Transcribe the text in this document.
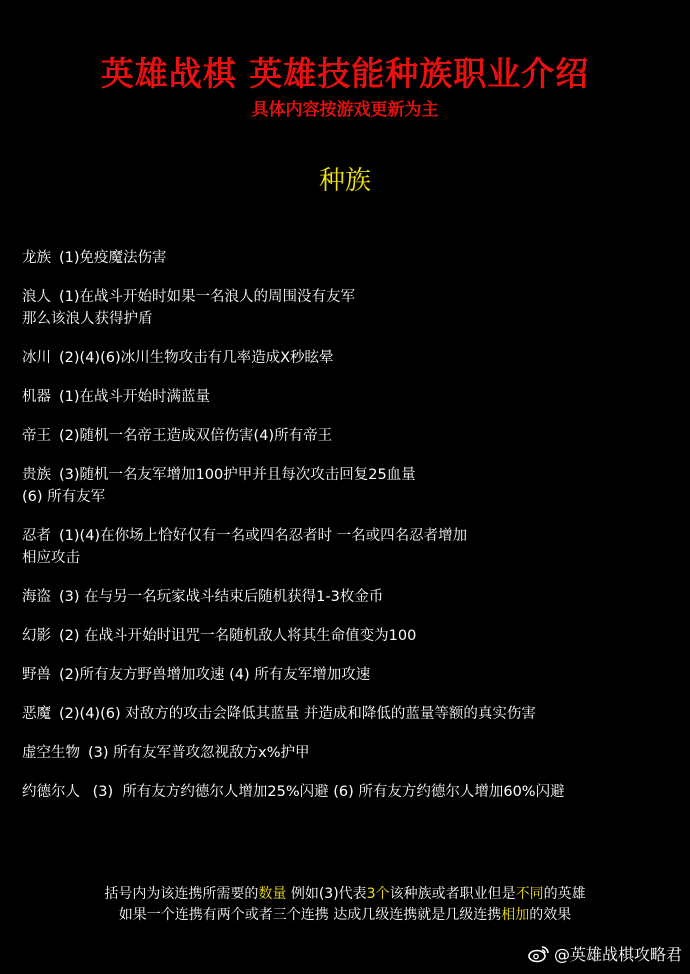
英雄战棋 英雄技能种族职业介绍
具体内容按游戏更新为主
种族
龙族 (1)免疫魔法伤害
浪人 (1)在战斗开始时如果一名浪人的周围没有友军
那么该浪人获得护盾
冰川 (2)(4)(6)冰川生物攻击有几率造成X秒眩晕
机器 (1)在战斗开始时满蓝量
帝王 (2)随机一名帝王造成双倍伤害(4)所有帝王
贵族 (3)随机一名友军增加100护甲并且每次攻击回复25血量
(6) 所有友军
忍者 (1)(4)在你场上恰好仅有一名或四名忍者时 一名或四名忍者增加
相应攻击
海盗 (3) 在与另一名玩家战斗结束后随机获得1-3枚金币
幻影 (2) 在战斗开始时诅咒一名随机敌人将其生命值变为100
野兽 (2)所有友方野兽增加攻速 (4) 所有友军增加攻速
恶魔 (2)(4)(6) 对敌方的攻击会降低其蓝量 并造成和降低的蓝量等额的真实伤害
虚空生物 (3) 所有友军普攻忽视敌方x%护甲
约德尔人 (3)  所有友方约德尔人增加25%闪避 (6) 所有友方约德尔人增加60%闪避
括号内为该连携所需要的数量 例如(3)代表3个该种族或者职业但是不同的英雄
如果一个连携有两个或者三个连携 达成几级连携就是几级连携相加的效果
@英雄战棋攻略君
